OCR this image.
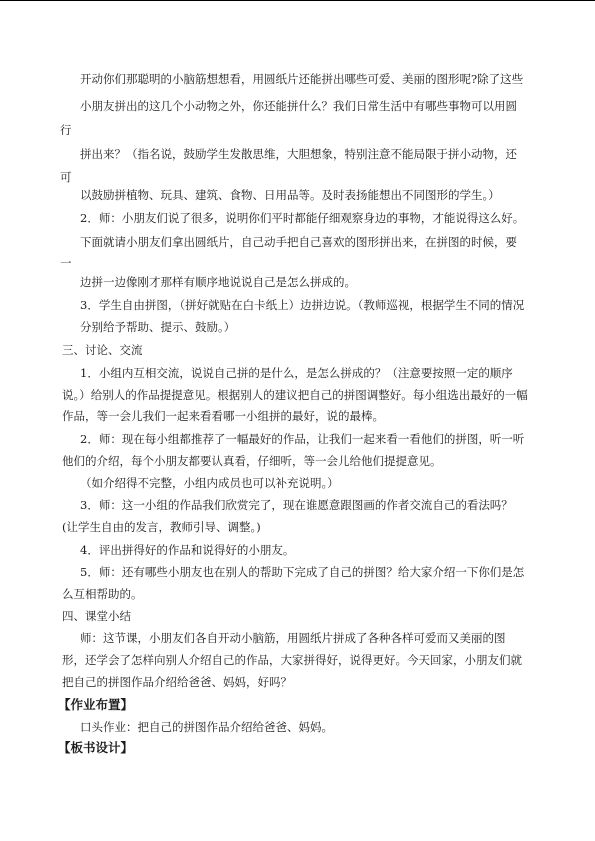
开动你们那聪明的小脑筋想想看，用圆纸片还能拼出哪些可爱、美丽的图形呢?除了这些
小朋友拼出的这几个小动物之外，你还能拼什么？我们日常生活中有哪些事物可以用圆
行
拼出来？（指名说，鼓励学生发散思维，大胆想象，特别注意不能局限于拼小动物，还
可
以鼓励拼植物、玩具、建筑、食物、日用品等。及时表扬能想出不同图形的学生。）
2．师：小朋友们说了很多，说明你们平时都能仔细观察身边的事物，才能说得这么好。
下面就请小朋友们拿出圆纸片，自己动手把自己喜欢的图形拼出来，在拼图的时候，要
一
边拼一边像刚才那样有顺序地说说自己是怎么拼成的。
3．学生自由拼图，（拼好就贴在白卡纸上）边拼边说。（教师巡视，根据学生不同的情况
分别给予帮助、提示、鼓励。）
三、讨论、交流
1．小组内互相交流，说说自己拼的是什么，是怎么拼成的？（注意要按照一定的顺序
说。）给别人的作品提提意见。根据别人的建议把自己的拼图调整好。每小组选出最好的一幅
作品，等一会儿我们一起来看看哪一小组拼的最好，说的最棒。
2．师：现在每小组都推荐了一幅最好的作品，让我们一起来看一看他们的拼图，听一听
他们的介绍，每个小朋友都要认真看，仔细听，等一会儿给他们提提意见。
（如介绍得不完整，小组内成员也可以补充说明。）
3．师：这一小组的作品我们欣赏完了，现在谁愿意跟图画的作者交流自己的看法吗？
(让学生自由的发言，教师引导、调整。)
4．评出拼得好的作品和说得好的小朋友。
5．师：还有哪些小朋友也在别人的帮助下完成了自己的拼图？给大家介绍一下你们是怎
么互相帮助的。
四、课堂小结
师：这节课，小朋友们各自开动小脑筋，用圆纸片拼成了各种各样可爱而又美丽的图
形，还学会了怎样向别人介绍自己的作品，大家拼得好，说得更好。今天回家，小朋友们就
把自己的拼图作品介绍给爸爸、妈妈，好吗？
【作业布置】
口头作业：把自己的拼图作品介绍给爸爸、妈妈。
【板书设计】
